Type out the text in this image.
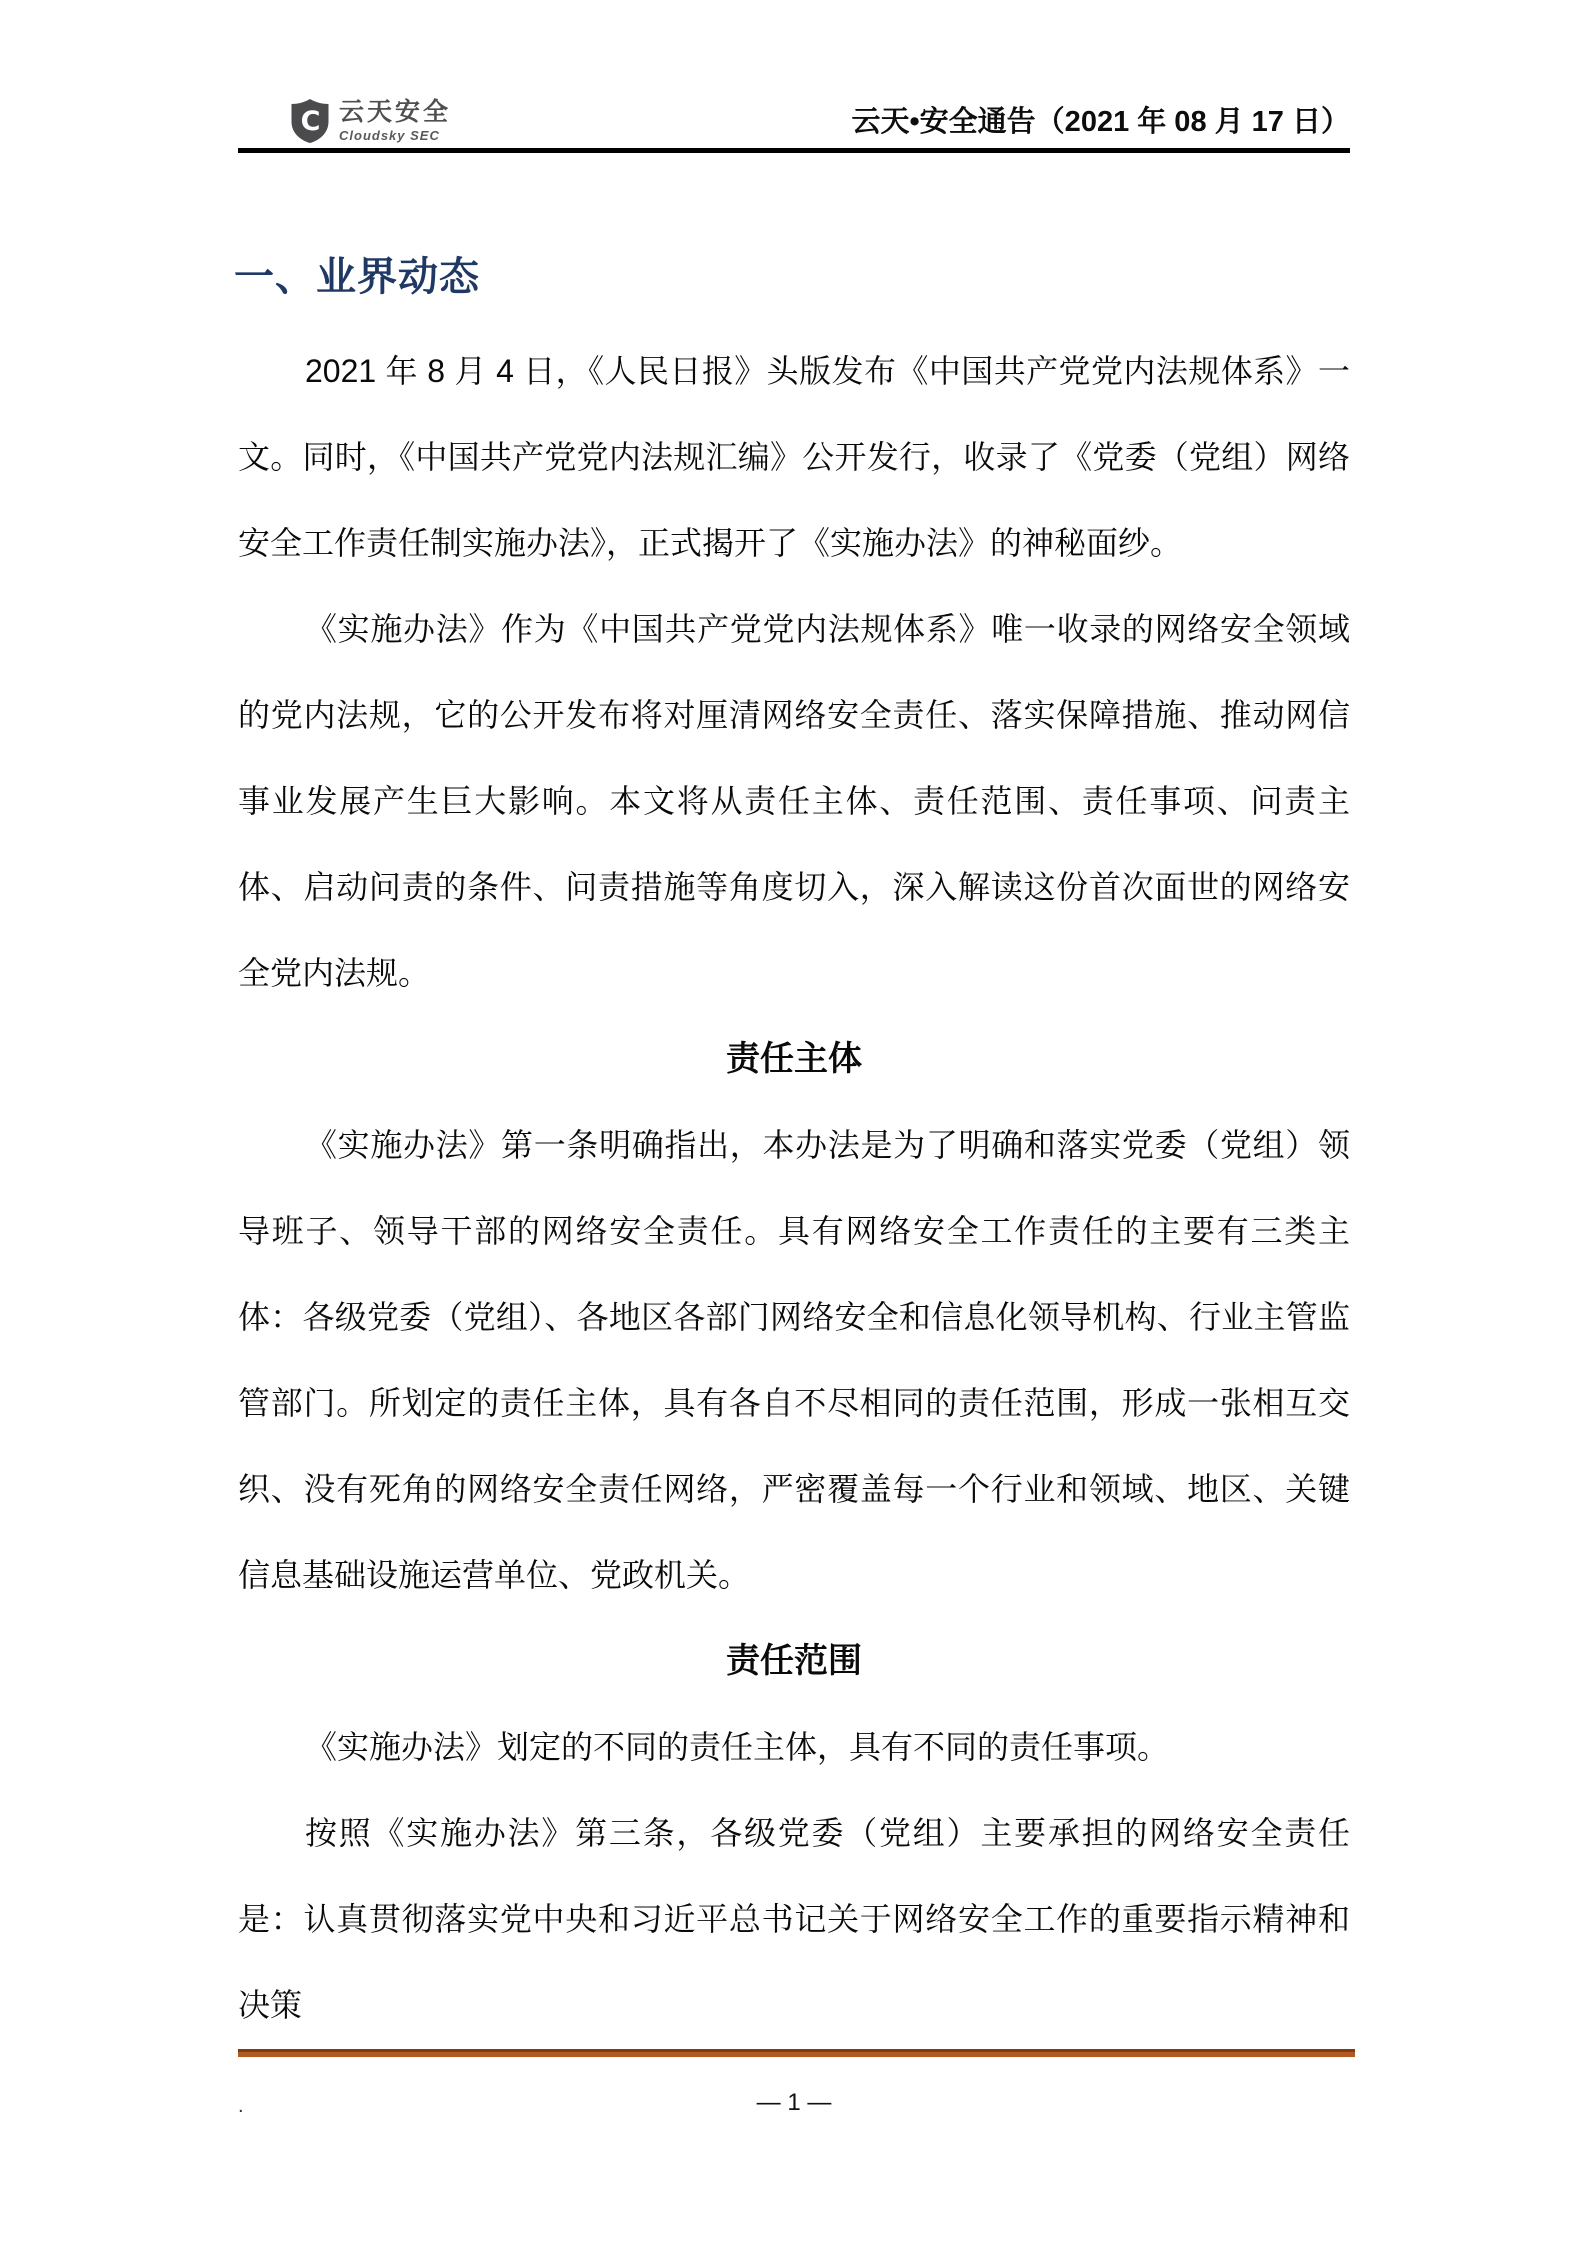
C 云天安全
Cloudsky SEC	云天•安全通告（2021 年 08 月 17 日）
一、业界动态

2021 年 8 月 4 日，《人民日报》头版发布《中国共产党党内法规体系》一文。同时，《中国共产党党内法规汇编》公开发行，收录了《党委（党组）网络安全工作责任制实施办法》，正式揭开了《实施办法》的神秘面纱。

《实施办法》作为《中国共产党党内法规体系》唯一收录的网络安全领域的党内法规，它的公开发布将对厘清网络安全责任、落实保障措施、推动网信事业发展产生巨大影响。本文将从责任主体、责任范围、责任事项、问责主体、启动问责的条件、问责措施等角度切入，深入解读这份首次面世的网络安全党内法规。

责任主体

《实施办法》第一条明确指出，本办法是为了明确和落实党委（党组）领导班子、领导干部的网络安全责任。具有网络安全工作责任的主要有三类主体：各级党委（党组）、各地区各部门网络安全和信息化领导机构、行业主管监管部门。所划定的责任主体，具有各自不尽相同的责任范围，形成一张相互交织、没有死角的网络安全责任网络，严密覆盖每一个行业和领域、地区、关键信息基础设施运营单位、党政机关。

责任范围

《实施办法》划定的不同的责任主体，具有不同的责任事项。

按照《实施办法》第三条，各级党委（党组）主要承担的网络安全责任是：认真贯彻落实党中央和习近平总书记关于网络安全工作的重要指示精神和决策

.	— 1 —
